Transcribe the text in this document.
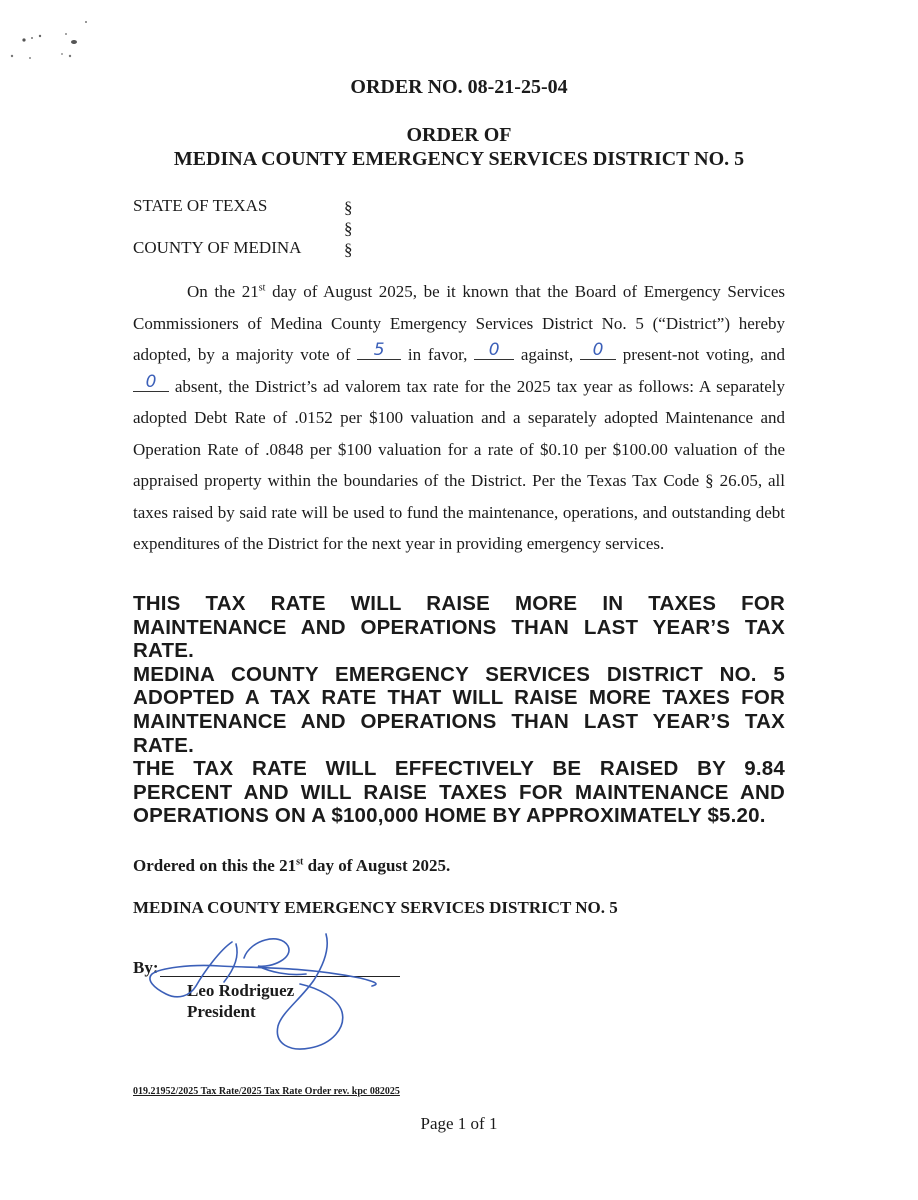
ORDER NO. 08-21-25-04
ORDER OF
MEDINA COUNTY EMERGENCY SERVICES DISTRICT NO. 5
STATE OF TEXAS
COUNTY OF MEDINA
§
§
§
On the 21st day of August 2025, be it known that the Board of Emergency Services Commissioners of Medina County Emergency Services District No. 5 (“District”) hereby adopted, by a majority vote of 5 in favor, 0 against, 0 present-not voting, and
0 absent, the District’s ad valorem tax rate for the 2025 tax year as follows: A separately adopted Debt Rate of .0152 per $100 valuation and a separately adopted Maintenance and Operation Rate of .0848 per $100 valuation for a rate of $0.10 per $100.00 valuation of the appraised property within the boundaries of the District. Per the Texas Tax Code § 26.05, all taxes raised by said rate will be used to fund the maintenance, operations, and outstanding debt expenditures of the District for the next year in providing emergency services.

THIS TAX RATE WILL RAISE MORE IN TAXES FOR MAINTENANCE AND OPERATIONS THAN LAST YEAR’S TAX RATE.

MEDINA COUNTY EMERGENCY SERVICES DISTRICT NO. 5 ADOPTED A TAX RATE THAT WILL RAISE MORE TAXES FOR MAINTENANCE AND OPERATIONS THAN LAST YEAR’S TAX RATE.

THE TAX RATE WILL EFFECTIVELY BE RAISED BY 9.84 PERCENT AND WILL RAISE TAXES FOR MAINTENANCE AND OPERATIONS ON A $100,000 HOME BY APPROXIMATELY $5.20.

Ordered on this the 21st day of August 2025.
MEDINA COUNTY EMERGENCY SERVICES DISTRICT NO. 5
By:
Leo Rodriguez
President
019.21952/2025 Tax Rate/2025 Tax Rate Order rev. kpc 082025
Page 1 of 1
